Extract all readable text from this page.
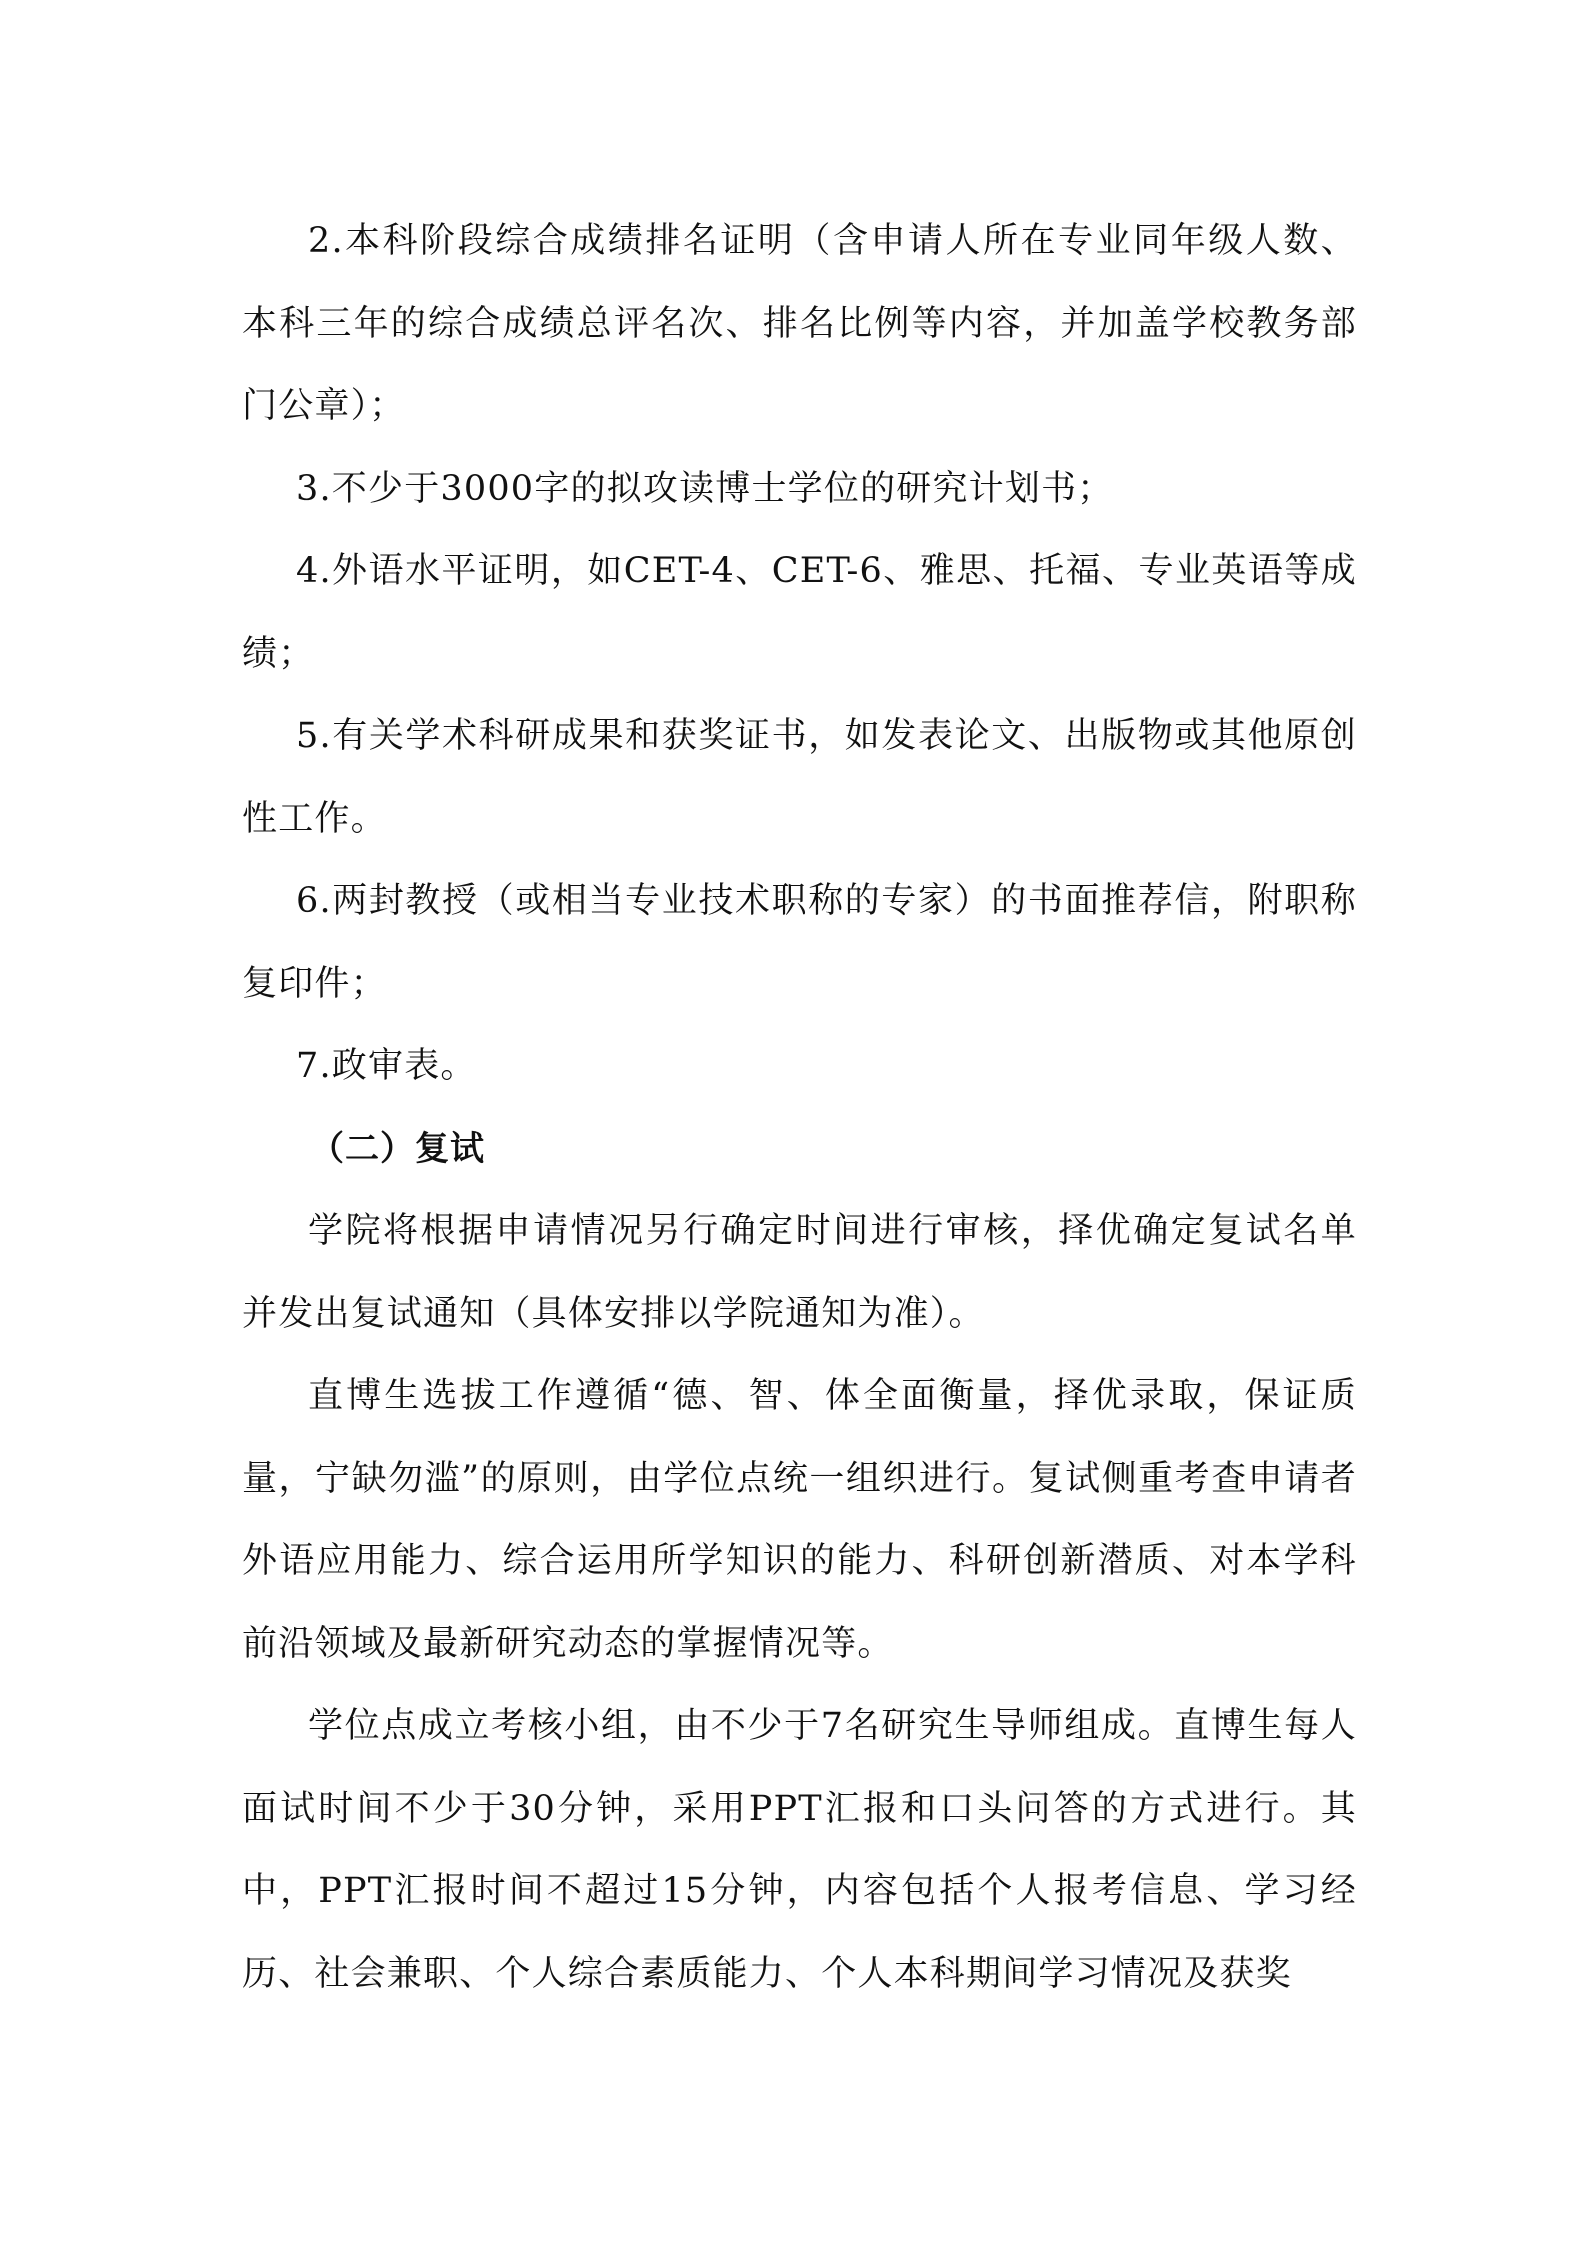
2.本科阶段综合成绩排名证明（含申请人所在专业同年级人数、本科三年的综合成绩总评名次、排名比例等内容，并加盖学校教务部门公章）；

3.不少于3000字的拟攻读博士学位的研究计划书；

4.外语水平证明，如CET-4、CET-6、雅思、托福、专业英语等成绩；

5.有关学术科研成果和获奖证书，如发表论文、出版物或其他原创性工作。

6.两封教授（或相当专业技术职称的专家）的书面推荐信，附职称复印件；

7.政审表。

（二）复试

学院将根据申请情况另行确定时间进行审核，择优确定复试名单并发出复试通知（具体安排以学院通知为准）。

直博生选拔工作遵循“德、智、体全面衡量，择优录取，保证质量，宁缺勿滥”的原则，由学位点统一组织进行。复试侧重考查申请者外语应用能力、综合运用所学知识的能力、科研创新潜质、对本学科前沿领域及最新研究动态的掌握情况等。

学位点成立考核小组，由不少于7名研究生导师组成。直博生每人面试时间不少于30分钟，采用PPT汇报和口头问答的方式进行。其中，PPT汇报时间不超过15分钟，内容包括个人报考信息、学习经历、社会兼职、个人综合素质能力、个人本科期间学习情况及获奖
